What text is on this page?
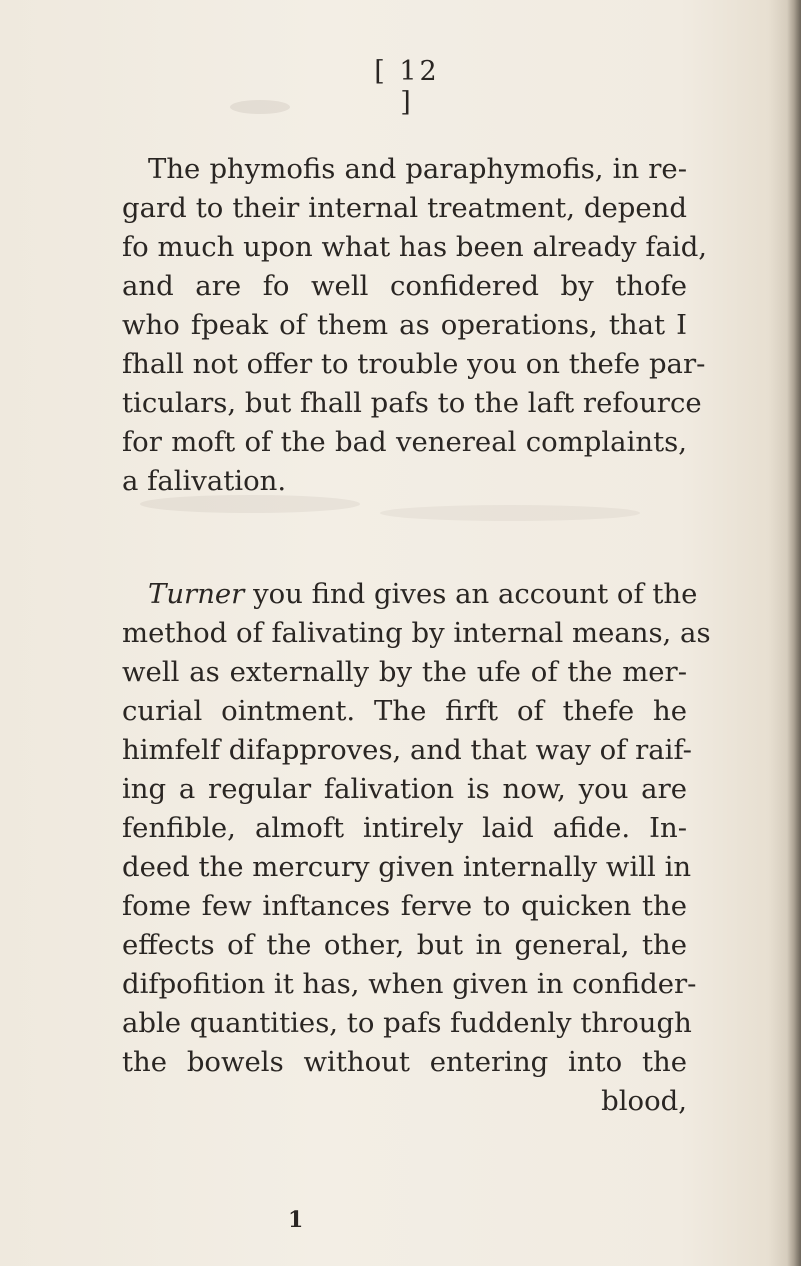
[ 12 ]
The phymofis and paraphymofis, in re-
gard to their internal treatment, depend
fo much upon what has been already faid,
and are fo well confidered by thofe
who fpeak of them as operations, that I
fhall not offer to trouble you on thefe par-
ticulars, but fhall pafs to the laft refource
for moft of the bad venereal complaints,
a falivation.
Turner you find gives an account of the
method of falivating by internal means, as
well as externally by the ufe of the mer-
curial ointment. The firft of thefe he
himfelf difapproves, and that way of raif-
ing a regular falivation is now, you are
fenfible, almoft intirely laid afide. In-
deed the mercury given internally will in
fome few inftances ferve to quicken the
effects of the other, but in general, the
difpofition it has, when given in confider-
able quantities, to pafs fuddenly through
the bowels without entering into the
blood,
1
